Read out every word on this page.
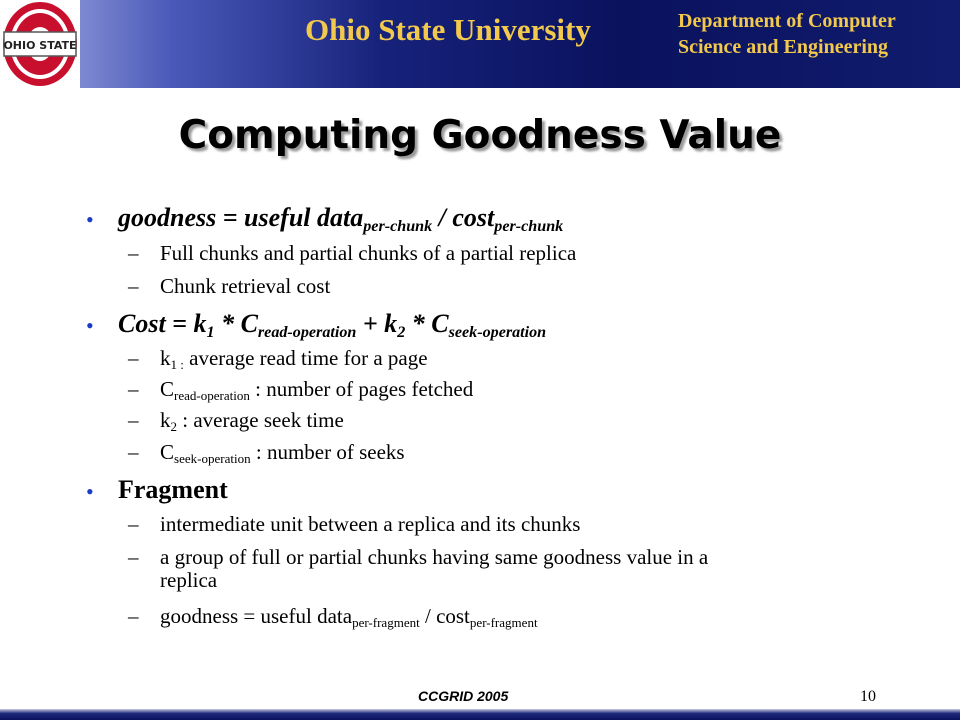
OHIO STATE	Ohio State University	Department of Computer
Science and Engineering
Computing Goodness Value
• goodness = useful data$_{per-chunk}$ / cost$_{per-chunk}$
– Full chunks and partial chunks of a partial replica
– Chunk retrieval cost
• Cost = $k_1 * C_{read-operation} + k_2 * C_{seek-operation}$
– $k_{1 :}$ average read time for a page
– $C_{read-operation}$ : number of pages fetched
– $k_2$ : average seek time
– $C_{seek-operation}$ : number of seeks
• Fragment
– intermediate unit between a replica and its chunks
– a group of full or partial chunks having same goodness value in a
replica
– goodness = useful data$_{per-fragment}$ / cost$_{per-fragment}$
CCGRID 2005	10
